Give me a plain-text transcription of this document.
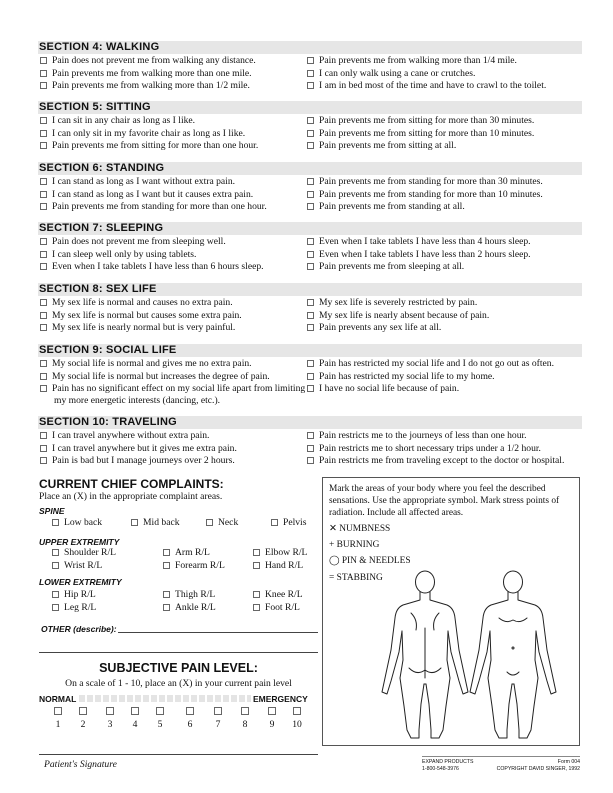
SECTION 4: WALKING
Pain does not prevent me from walking any distance.
Pain prevents me from walking more than one mile.
Pain prevents me from walking more than 1/2 mile.
Pain prevents me from walking more than 1/4 mile.
I can only walk using a cane or crutches.
I am in bed most of the time and have to crawl to the toilet.
SECTION 5: SITTING
I can sit in any chair as long as I like.
I can only sit in my favorite chair as long as I like.
Pain prevents me from sitting for more than one hour.
Pain prevents me from sitting for more than 30 minutes.
Pain prevents me from sitting for more than 10 minutes.
Pain prevents me from sitting at all.
SECTION 6: STANDING
I can stand as long as I want without extra pain.
I can stand as long as I want but it causes extra pain.
Pain prevents me from standing for more than one hour.
Pain prevents me from standing for more than 30 minutes.
Pain prevents me from standing for more than 10 minutes.
Pain prevents me from standing at all.
SECTION 7: SLEEPING
Pain does not prevent me from sleeping well.
I can sleep well only by using tablets.
Even when I take tablets I have less than 6 hours sleep.
Even when I take tablets I have less than 4 hours sleep.
Even when I take tablets I have less than 2 hours sleep.
Pain prevents me from sleeping at all.
SECTION 8: SEX LIFE
My sex life is normal and causes no extra pain.
My sex life is normal but causes some extra pain.
My sex life is nearly normal but is very painful.
My sex life is severely restricted by pain.
My sex life is nearly absent because of pain.
Pain prevents any sex life at all.
SECTION 9: SOCIAL LIFE
My social life is normal and gives me no extra pain.
My social life is normal but increases the degree of pain.
Pain has no significant effect on my social life apart from limiting my more energetic interests (dancing, etc.).
Pain has restricted my social life and I do not go out as often.
Pain has restricted my social life to my home.
I have no social life because of pain.
SECTION 10: TRAVELING
I can travel anywhere without extra pain.
I can travel anywhere but it gives me extra pain.
Pain is bad but I manage journeys over 2 hours.
Pain restricts me to the journeys of less than one hour.
Pain restricts me to short necessary trips under a 1/2 hour.
Pain restricts me from traveling except to the doctor or hospital.
CURRENT CHIEF COMPLAINTS:
Place an (X) in the appropriate complaint areas.
SPINE
Low back	Mid back	Neck	Pelvis
UPPER EXTREMITY
Shoulder R/L	Arm R/L	Elbow R/L
Wrist R/L	Forearm R/L	Hand R/L
LOWER EXTREMITY
Hip R/L	Thigh R/L	Knee R/L
Leg R/L	Ankle R/L	Foot R/L
OTHER (describe):
Mark the areas of your body where you feel the described sensations. Use the appropriate symbol. Mark stress points of radiation. Include all affected areas.
✕ NUMBNESS
+ BURNING
◯ PIN & NEEDLES
= STABBING
SUBJECTIVE PAIN LEVEL:
On a scale of 1 - 10, place an (X) in your current pain level
NORMAL	EMERGENCY
1	2	3	4	5	6	7	8	9	10
Patient's Signature	EXPAND PRODUCTS
1-800-548-3976
Form 004
COPYRIGHT DAVID SINGER, 1992
